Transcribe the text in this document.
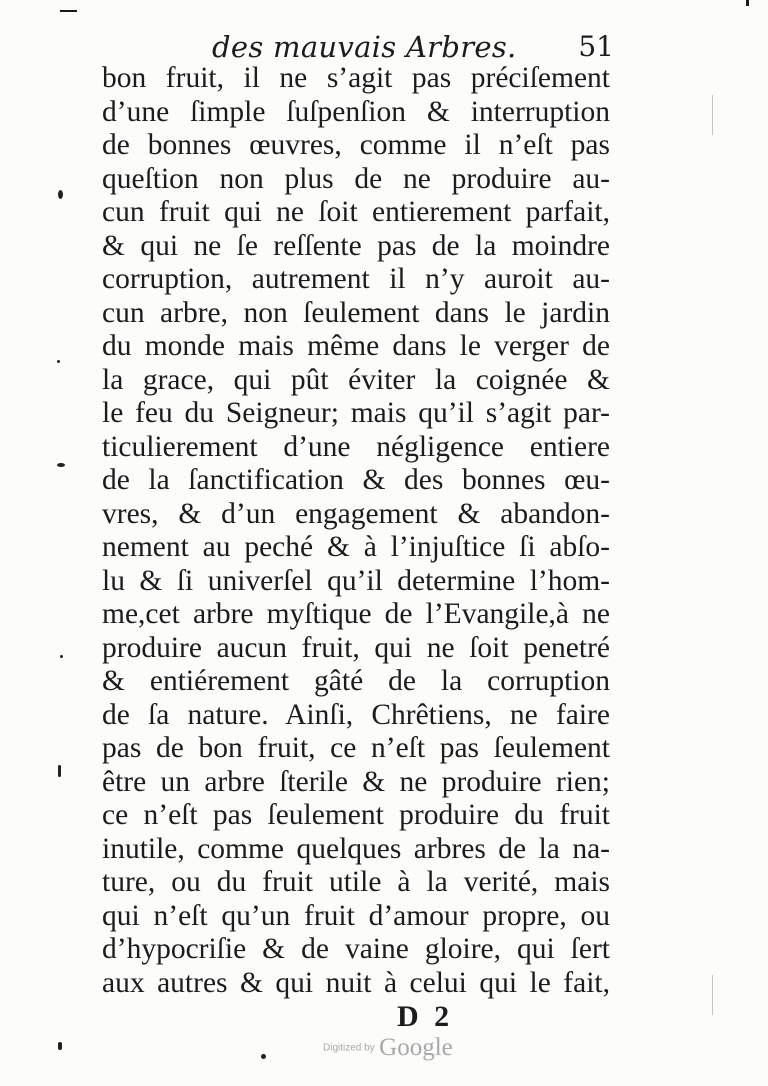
des mauvais Arbres. 51
bon fruit, il ne s’agit pas préciſement
d’une ſimple ſuſpenſion & interruption
de bonnes œuvres, comme il n’eſt pas
queſtion non plus de ne produire au-
cun fruit qui ne ſoit entierement parfait,
& qui ne ſe reſſente pas de la moindre
corruption, autrement il n’y auroit au-
cun arbre, non ſeulement dans le jardin
du monde mais même dans le verger de
la grace, qui pût éviter la coignée &
le feu du Seigneur; mais qu’il s’agit par-
ticulierement d’une négligence entiere
de la ſanctification & des bonnes œu-
vres, & d’un engagement & abandon-
nement au peché & à l’injuſtice ſi abſo-
lu & ſi univerſel qu’il determine l’hom-
me,cet arbre myſtique de l’Evangile,à ne
produire aucun fruit, qui ne ſoit penetré
& entiérement gâté de la corruption
de ſa nature. Ainſi, Chrêtiens, ne faire
pas de bon fruit, ce n’eſt pas ſeulement
être un arbre ſterile & ne produire rien;
ce n’eſt pas ſeulement produire du fruit
inutile, comme quelques arbres de la na-
ture, ou du fruit utile à la verité, mais
qui n’eſt qu’un fruit d’amour propre, ou
d’hypocriſie & de vaine gloire, qui ſert
aux autres & qui nuit à celui qui le fait,
D 2
Digitized by Google
